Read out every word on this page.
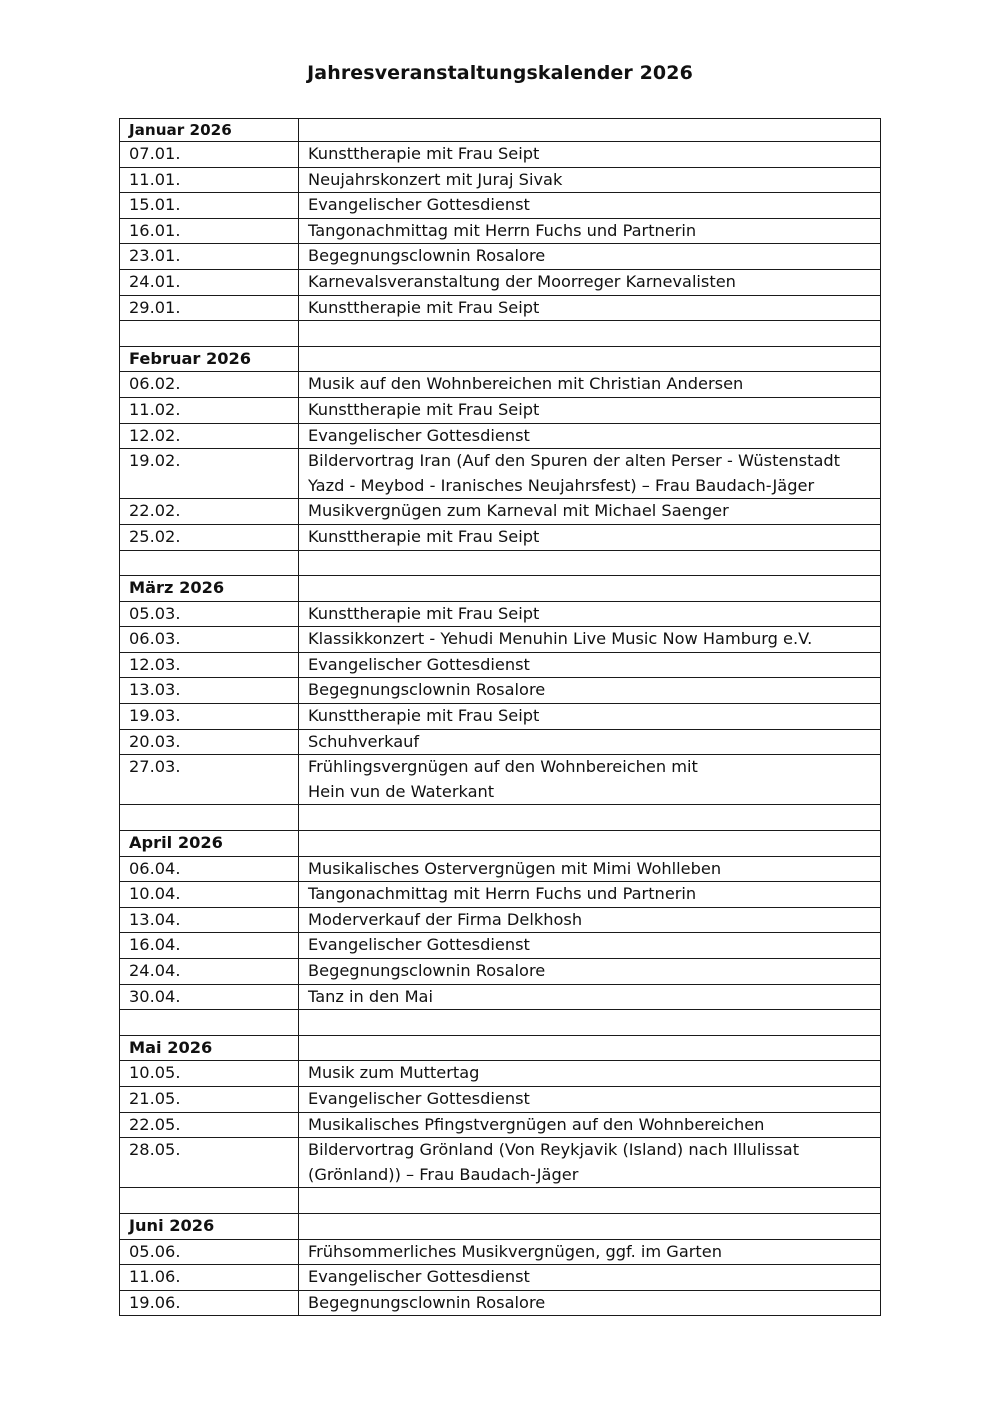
Jahresveranstaltungskalender 2026
Januar 2026	
07.01.	Kunsttherapie mit Frau Seipt
11.01.	Neujahrskonzert mit Juraj Sivak
15.01.	Evangelischer Gottesdienst
16.01.	Tangonachmittag mit Herrn Fuchs und Partnerin
23.01.	Begegnungsclownin Rosalore
24.01.	Karnevalsveranstaltung der Moorreger Karnevalisten
29.01.	Kunsttherapie mit Frau Seipt

Februar 2026	
06.02.	Musik auf den Wohnbereichen mit Christian Andersen
11.02.	Kunsttherapie mit Frau Seipt
12.02.	Evangelischer Gottesdienst
19.02.	Bildervortrag Iran (Auf den Spuren der alten Perser - Wüstenstadt
Yazd - Meybod - Iranisches Neujahrsfest) – Frau Baudach-Jäger
22.02.	Musikvergnügen zum Karneval mit Michael Saenger
25.02.	Kunsttherapie mit Frau Seipt

März 2026	
05.03.	Kunsttherapie mit Frau Seipt
06.03.	Klassikkonzert - Yehudi Menuhin Live Music Now Hamburg e.V.
12.03.	Evangelischer Gottesdienst
13.03.	Begegnungsclownin Rosalore
19.03.	Kunsttherapie mit Frau Seipt
20.03.	Schuhverkauf
27.03.	Frühlingsvergnügen auf den Wohnbereichen mit
Hein vun de Waterkant

April 2026	
06.04.	Musikalisches Ostervergnügen mit Mimi Wohlleben
10.04.	Tangonachmittag mit Herrn Fuchs und Partnerin
13.04.	Moderverkauf der Firma Delkhosh
16.04.	Evangelischer Gottesdienst
24.04.	Begegnungsclownin Rosalore
30.04.	Tanz in den Mai

Mai 2026	
10.05.	Musik zum Muttertag
21.05.	Evangelischer Gottesdienst
22.05.	Musikalisches Pfingstvergnügen auf den Wohnbereichen
28.05.	Bildervortrag Grönland (Von Reykjavik (Island) nach Illulissat
(Grönland)) – Frau Baudach-Jäger

Juni 2026	
05.06.	Frühsommerliches Musikvergnügen, ggf. im Garten
11.06.	Evangelischer Gottesdienst
19.06.	Begegnungsclownin Rosalore
